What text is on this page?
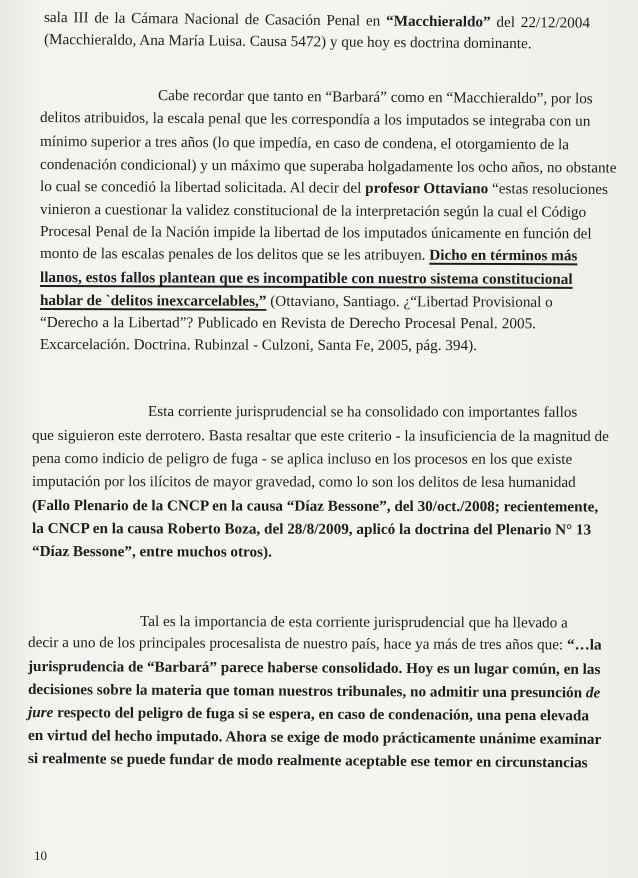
sala III de la Cámara Nacional de Casación Penal en “Macchieraldo” del 22/12/2004
(Macchieraldo, Ana María Luisa. Causa 5472) y que hoy es doctrina dominante.
Cabe recordar que tanto en “Barbará” como en “Macchieraldo”, por los
delitos atribuidos, la escala penal que les correspondía a los imputados se integraba con un
mínimo superior a tres años (lo que impedía, en caso de condena, el otorgamiento de la
condenación condicional) y un máximo que superaba holgadamente los ocho años, no obstante
lo cual se concedió la libertad solicitada. Al decir del profesor Ottaviano “estas resoluciones
vinieron a cuestionar la validez constitucional de la interpretación según la cual el Código
Procesal Penal de la Nación impide la libertad de los imputados únicamente en función del
monto de las escalas penales de los delitos que se les atribuyen. Dicho en términos más
llanos, estos fallos plantean que es incompatible con nuestro sistema constitucional
hablar de `delitos inexcarcelables,” (Ottaviano, Santiago. ¿“Libertad Provisional o
“Derecho a la Libertad”? Publicado en Revista de Derecho Procesal Penal. 2005.
Excarcelación. Doctrina. Rubinzal - Culzoni, Santa Fe, 2005, pág. 394).
Esta corriente jurisprudencial se ha consolidado con importantes fallos
que siguieron este derrotero. Basta resaltar que este criterio - la insuficiencia de la magnitud de
pena como indicio de peligro de fuga - se aplica incluso en los procesos en los que existe
imputación por los ilícitos de mayor gravedad, como lo son los delitos de lesa humanidad
(Fallo Plenario de la CNCP en la causa “Díaz Bessone”, del 30/oct./2008; recientemente,
la CNCP en la causa Roberto Boza, del 28/8/2009, aplicó la doctrina del Plenario N° 13
“Díaz Bessone”, entre muchos otros).
Tal es la importancia de esta corriente jurisprudencial que ha llevado a
decir a uno de los principales procesalista de nuestro país, hace ya más de tres años que: “…la
jurisprudencia de “Barbará” parece haberse consolidado. Hoy es un lugar común, en las
decisiones sobre la materia que toman nuestros tribunales, no admitir una presunción de
jure respecto del peligro de fuga si se espera, en caso de condenación, una pena elevada
en virtud del hecho imputado. Ahora se exige de modo prácticamente unánime examinar
si realmente se puede fundar de modo realmente aceptable ese temor en circunstancias
10
